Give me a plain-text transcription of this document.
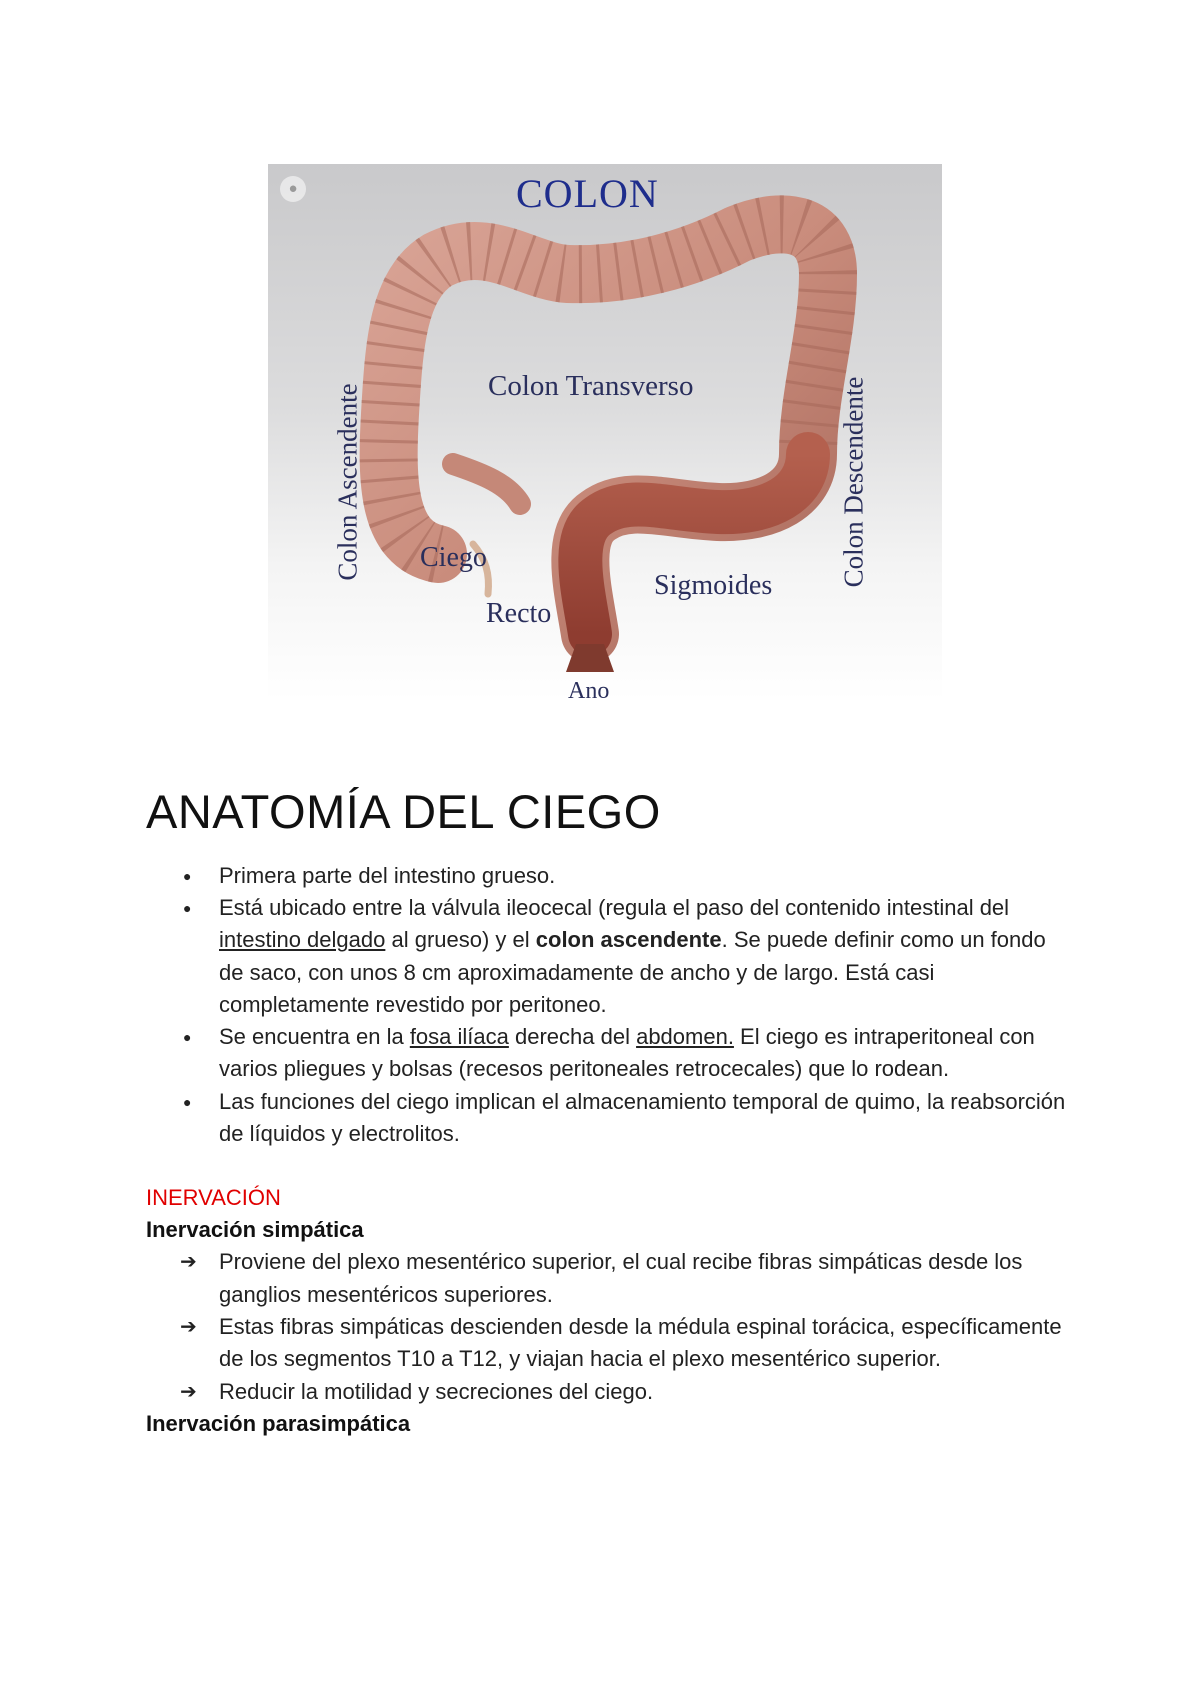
●	COLON
Colon Ascendente	Colon Transverso	Colon Descendente
Ciego
Recto
Sigmoides
Ano
ANATOMÍA DEL CIEGO
● Primera parte del intestino grueso.
● Está ubicado entre la válvula ileocecal (regula el paso del contenido intestinal del intestino delgado al grueso) y el colon ascendente. Se puede definir como un fondo de saco, con unos 8 cm aproximadamente de ancho y de largo. Está casi completamente revestido por peritoneo.
● Se encuentra en la fosa ilíaca derecha del abdomen. El ciego es intraperitoneal con varios pliegues y bolsas (recesos peritoneales retrocecales) que lo rodean.
● Las funciones del ciego implican el almacenamiento temporal de quimo, la reabsorción de líquidos y electrolitos.
INERVACIÓN
Inervación simpática
➔ Proviene del plexo mesentérico superior, el cual recibe fibras simpáticas desde los ganglios mesentéricos superiores.
➔ Estas fibras simpáticas descienden desde la médula espinal torácica, específicamente de los segmentos T10 a T12, y viajan hacia el plexo mesentérico superior.
➔ Reducir la motilidad y secreciones del ciego.
Inervación parasimpática
